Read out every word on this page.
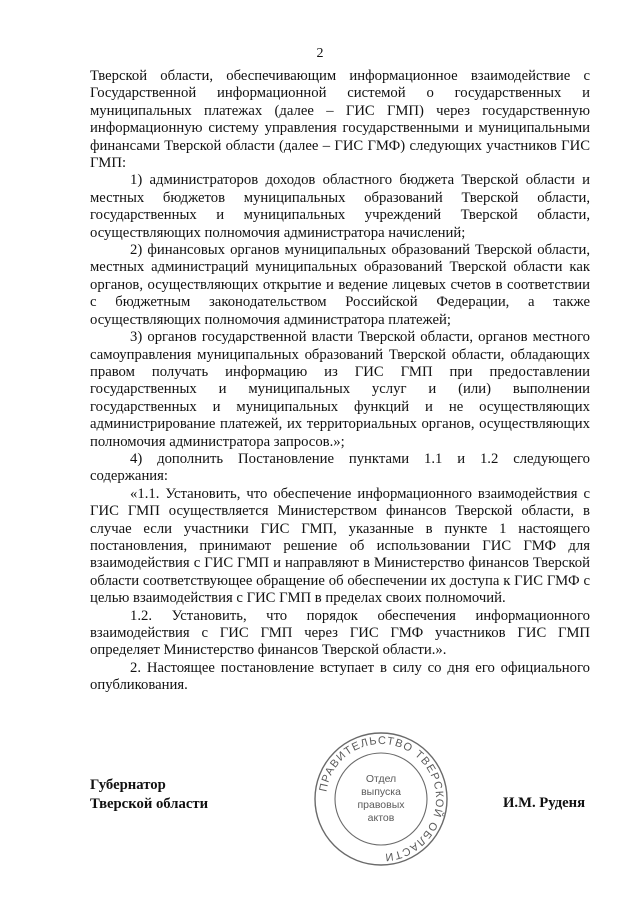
2

Тверской области, обеспечивающим информационное взаимодействие с Государственной информационной системой о государственных и муниципальных платежах (далее – ГИС ГМП) через государственную информационную систему управления государственными и муниципальными финансами Тверской области (далее – ГИС ГМФ) следующих участников ГИС ГМП:

1) администраторов доходов областного бюджета Тверской области и местных бюджетов муниципальных образований Тверской области, государственных и муниципальных учреждений Тверской области, осуществляющих полномочия администратора начислений;

2) финансовых органов муниципальных образований Тверской области, местных администраций муниципальных образований Тверской области как органов, осуществляющих открытие и ведение лицевых счетов в соответствии с бюджетным законодательством Российской Федерации, а также осуществляющих полномочия администратора платежей;

3) органов государственной власти Тверской области, органов местного самоуправления муниципальных образований Тверской области, обладающих правом получать информацию из ГИС ГМП при предоставлении государственных и муниципальных услуг и (или) выполнении государственных и муниципальных функций и не осуществляющих администрирование платежей, их территориальных органов, осуществляющих полномочия администратора запросов.»;

4) дополнить Постановление пунктами 1.1 и 1.2 следующего содержания:

«1.1. Установить, что обеспечение информационного взаимодействия с ГИС ГМП осуществляется Министерством финансов Тверской области, в случае если участники ГИС ГМП, указанные в пункте 1 настоящего постановления, принимают решение об использовании ГИС ГМФ для взаимодействия с ГИС ГМП и направляют в Министерство финансов Тверской области соответствующее обращение об обеспечении их доступа к ГИС ГМФ с целью взаимодействия с ГИС ГМП в пределах своих полномочий.

1.2. Установить, что порядок обеспечения информационного взаимодействия с ГИС ГМП через ГИС ГМФ участников ГИС ГМП определяет Министерство финансов Тверской области.».

2. Настоящее постановление вступает в силу со дня его официального опубликования.

Губернатор
Тверской области
ПРАВИТЕЛЬСТВО ТВЕРСКОЙ ОБЛАСТИ
Отдел
выпуска
правовых
актов
И.М. Руденя
